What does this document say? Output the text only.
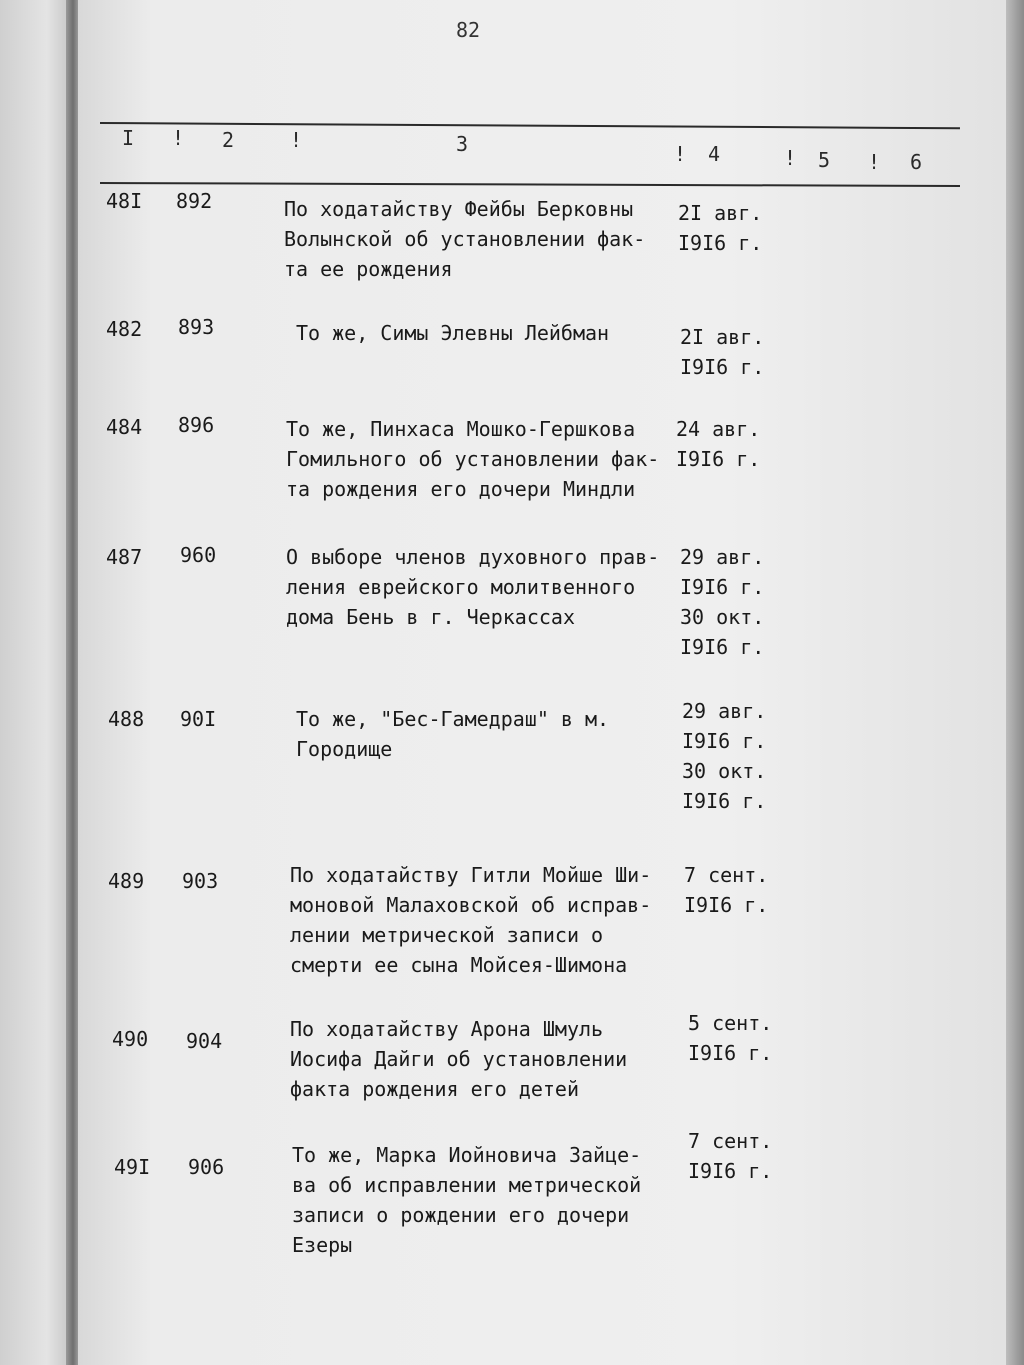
82
I ! 2	!	3	! 4	! 5 ! 6
48I 892	По ходатайству Фейбы Берковны
Волынской об установлении фак-
та ее рождения
2I авг.
I9I6 г.
482 893	То же, Симы Элевны Лейбман	2I авг.
I9I6 г.
484 896	То же, Пинхаса Мошко-Гершкова
Гомильного об установлении фак-
та рождения его дочери Миндли
24 авг.
I9I6 г.
487 960	О выборе членов духовного прав-
ления еврейского молитвенного
дома Бень в г. Черкассах
29 авг.
I9I6 г.
30 окт.
I9I6 г.
488 90I	То же, "Бес-Гамедраш" в м.
Городище
29 авг.
I9I6 г.
30 окт.
I9I6 г.
489 903	По ходатайству Гитли Мойше Ши-
моновой Малаховской об исправ-
лении метрической записи о
смерти ее сына Мойсея-Шимона
7 сент.
I9I6 г.
490 904	По ходатайству Арона Шмуль
Иосифа Дайги об установлении
факта рождения его детей
5 сент.
I9I6 г.
49I 906	То же, Марка Иойновича Зайце-
ва об исправлении метрической
записи о рождении его дочери
Езеры
7 сент.
I9I6 г.
